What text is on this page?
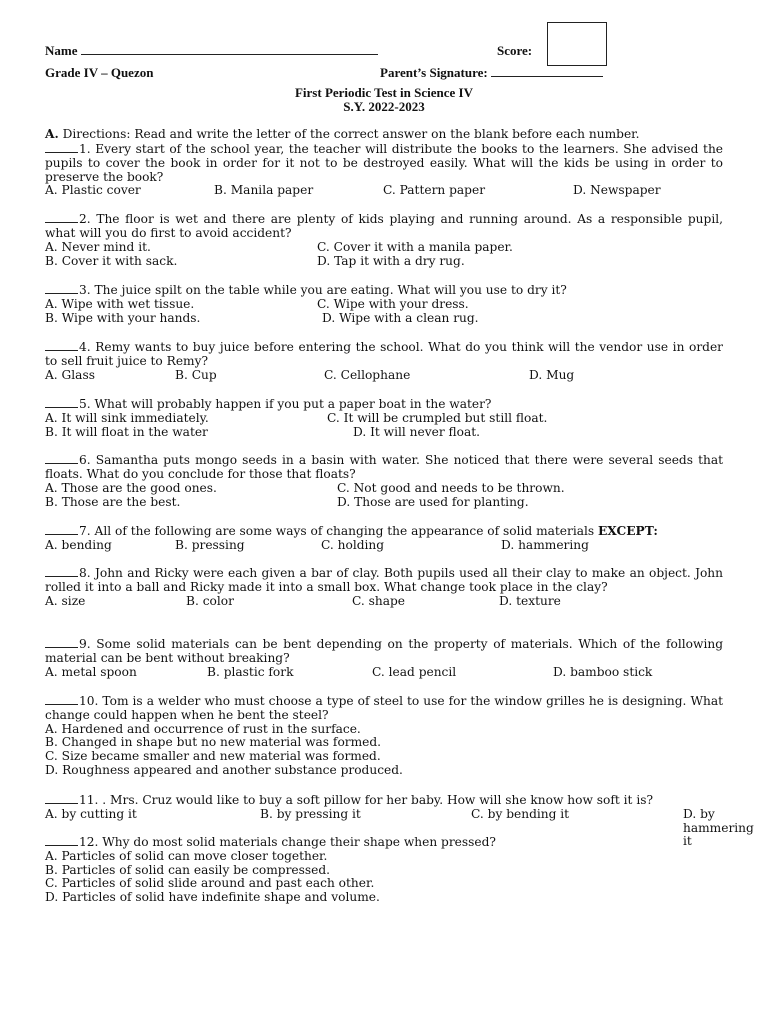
Name	Score:
Grade IV – Quezon	Parent’s Signature:
First Periodic Test in Science IV
S.Y. 2022-2023
A. Directions: Read and write the letter of the correct answer on the blank before each number.
1. Every start of the school year, the teacher will distribute the books to the learners. She advised the pupils to cover the book in order for it not to be destroyed easily. What will the kids be using in order to preserve the book?
A. Plastic cover	B. Manila paper	C. Pattern paper	D. Newspaper
2. The floor is wet and there are plenty of kids playing and running around. As a responsible pupil, what will you do first to avoid accident?
A. Never mind it.	C. Cover it with a manila paper.
B. Cover it with sack.	D. Tap it with a dry rug.
3. The juice spilt on the table while you are eating. What will you use to dry it?
A. Wipe with wet tissue.	C. Wipe with your dress.
B. Wipe with your hands.	D. Wipe with a clean rug.
4. Remy wants to buy juice before entering the school. What do you think will the vendor use in order to sell fruit juice to Remy?
A. Glass	B. Cup	C. Cellophane	D. Mug
5. What will probably happen if you put a paper boat in the water?
A. It will sink immediately.	C. It will be crumpled but still float.
B. It will float in the water	D. It will never float.
6. Samantha puts mongo seeds in a basin with water. She noticed that there were several seeds that floats. What do you conclude for those that floats?
A. Those are the good ones.	C. Not good and needs to be thrown.
B. Those are the best.	D. Those are used for planting.
7. All of the following are some ways of changing the appearance of solid materials EXCEPT:
A. bending	B. pressing	C. holding	D. hammering
8. John and Ricky were each given a bar of clay. Both pupils used all their clay to make an object. John rolled it into a ball and Ricky made it into a small box. What change took place in the clay?
A. size	B. color	C. shape	D. texture
9. Some solid materials can be bent depending on the property of materials. Which of the following material can be bent without breaking?
A. metal spoon	B. plastic fork	C. lead pencil	D. bamboo stick
10. Tom is a welder who must choose a type of steel to use for the window grilles he is designing. What change could happen when he bent the steel?
A. Hardened and occurrence of rust in the surface.
B. Changed in shape but no new material was formed.
C. Size became smaller and new material was formed.
D. Roughness appeared and another substance produced.
11. . Mrs. Cruz would like to buy a soft pillow for her baby. How will she know how soft it is?
A. by cutting it	B. by pressing it	C. by bending it	D. by hammering it
12. Why do most solid materials change their shape when pressed?
A. Particles of solid can move closer together.
B. Particles of solid can easily be compressed.
C. Particles of solid slide around and past each other.
D. Particles of solid have indefinite shape and volume.
